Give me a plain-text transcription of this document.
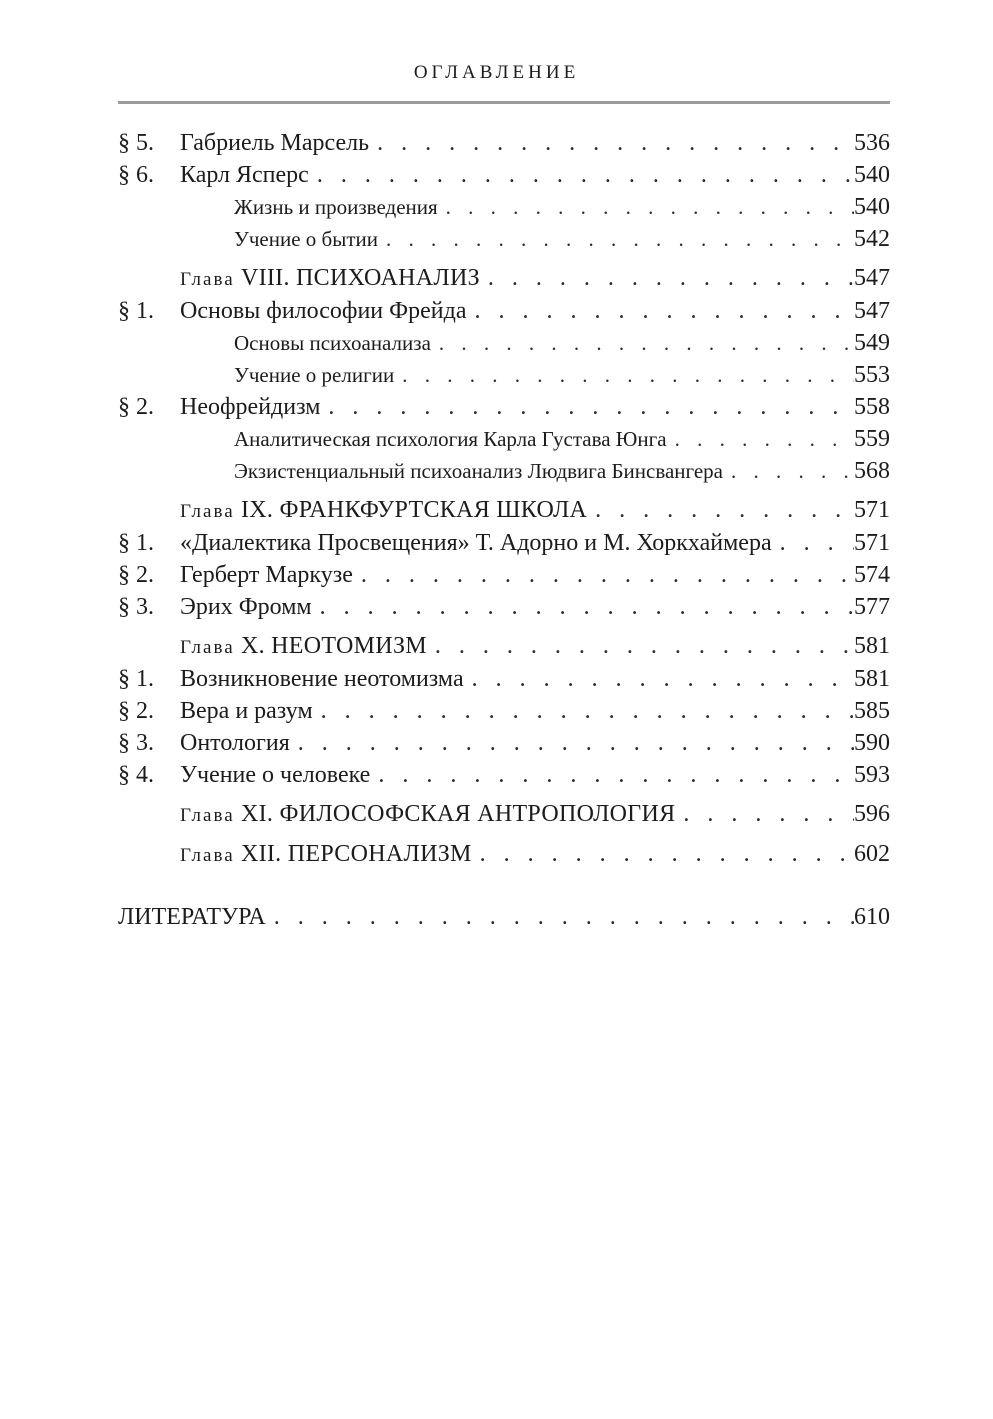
ОГЛАВЛЕНИЕ
§ 5.	Габриель Марсель . . .	536
§ 6.	Карл Ясперс . . .	540
Жизнь и произведения . . .	540
Учение о бытии . . .	542
Глава VIII. ПСИХОАНАЛИЗ . . .	547
§ 1.	Основы философии Фрейда . . .	547
Основы психоанализа . . .	549
Учение о религии . . .	553
§ 2.	Неофрейдизм . . .	558
Аналитическая психология Карла Густава Юнга . . .	559
Экзистенциальный психоанализ Людвига Бинсвангера . . .	568
Глава IX. ФРАНКФУРТСКАЯ ШКОЛА . . .	571
§ 1.	«Диалектика Просвещения» Т. Адорно и М. Хоркхаймера . . .	571
§ 2.	Герберт Маркузе . . .	574
§ 3.	Эрих Фромм . . .	577
Глава X. НЕОТОМИЗМ . . .	581
§ 1.	Возникновение неотомизма . . .	581
§ 2.	Вера и разум . . .	585
§ 3.	Онтология . . .	590
§ 4.	Учение о человеке . . .	593
Глава XI. ФИЛОСОФСКАЯ АНТРОПОЛОГИЯ . . .	596
Глава XII. ПЕРСОНАЛИЗМ . . .	602
ЛИТЕРАТУРА . . .	610
